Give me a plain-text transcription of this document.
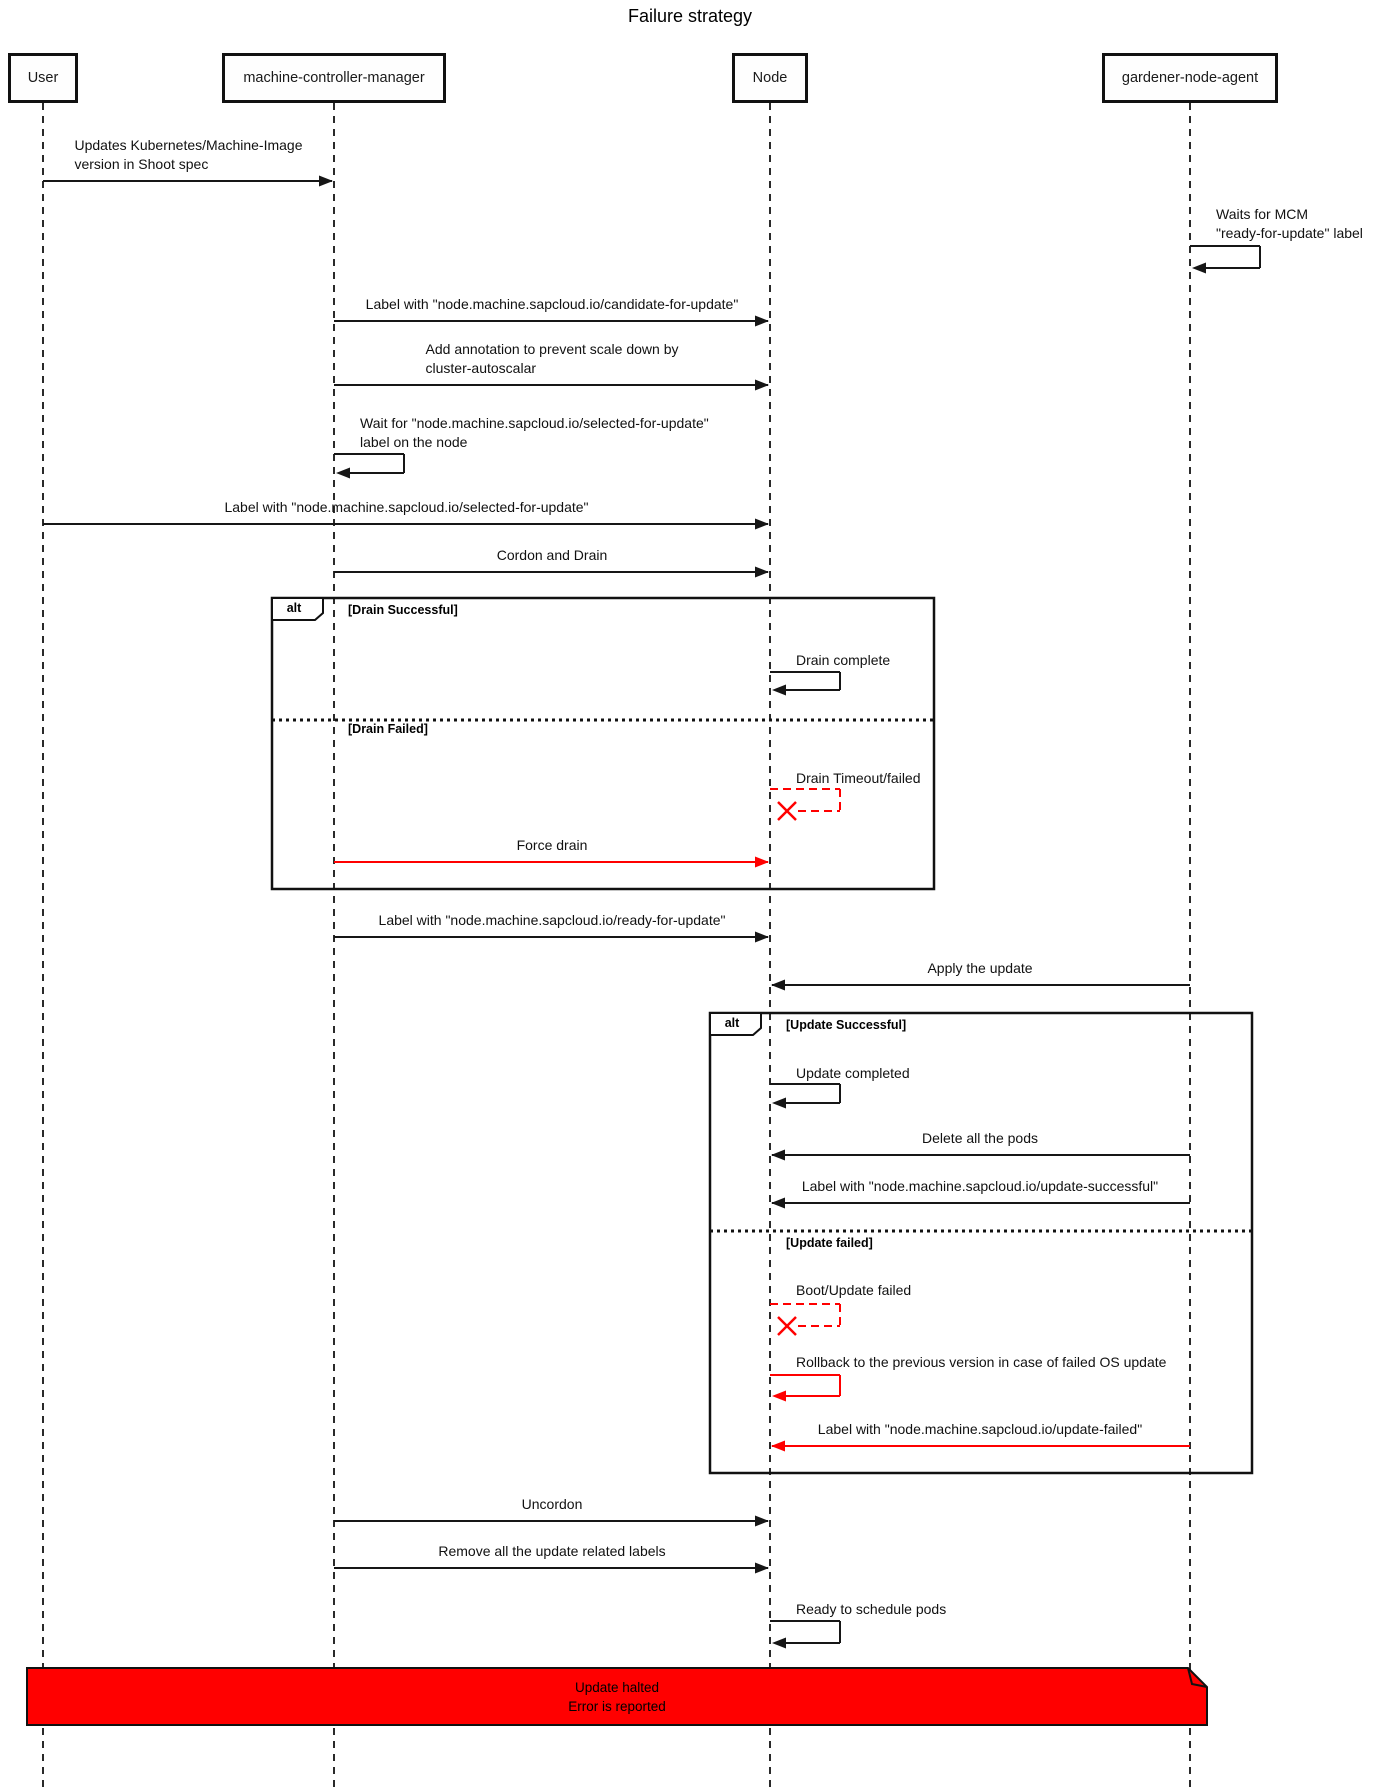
Failure strategy
alt	[Drain Successful]
[Drain Failed]
alt	[Update Successful]
[Update failed]
Updates Kubernetes/Machine-Image
version in Shoot spec
Waits for MCM
"ready-for-update" label
Label with "node.machine.sapcloud.io/candidate-for-update"
Add annotation to prevent scale down by
cluster-autoscalar
Wait for "node.machine.sapcloud.io/selected-for-update"
label on the node
Label with "node.machine.sapcloud.io/selected-for-update"
Cordon and Drain
Drain complete
Drain Timeout/failed
Force drain
Label with "node.machine.sapcloud.io/ready-for-update"
Apply the update
Update completed
Delete all the pods
Label with "node.machine.sapcloud.io/update-successful"
Boot/Update failed
Rollback to the previous version in case of failed OS update
Label with "node.machine.sapcloud.io/update-failed"
Uncordon
Remove all the update related labels
Ready to schedule pods
Update halted
Error is reported
User	machine-controller-manager	Node	gardener-node-agent
